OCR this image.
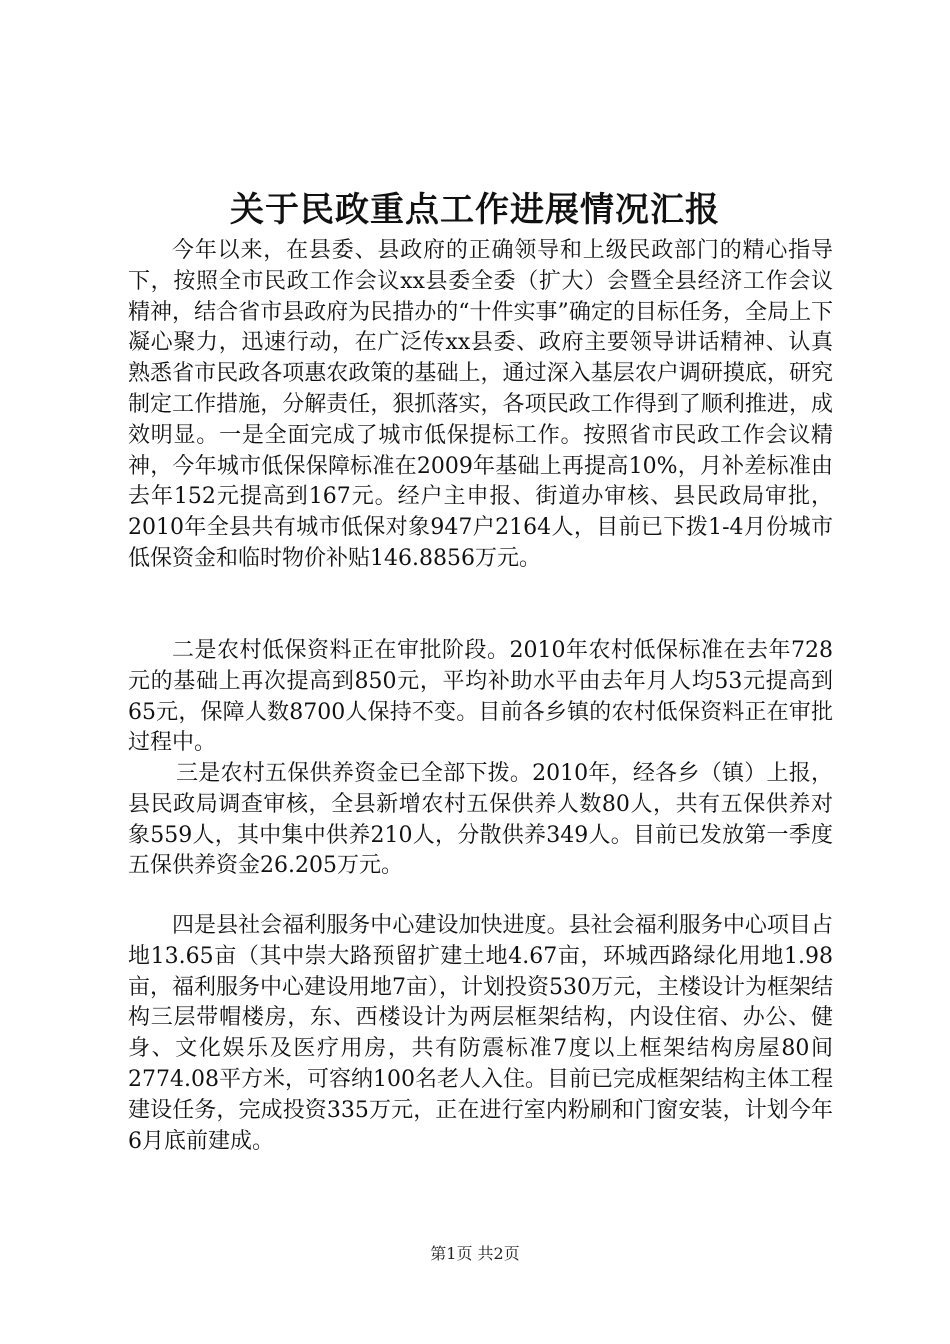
关于民政重点工作进展情况汇报

今年以来，在县委、县政府的正确领导和上级民政部门的精心指导下，按照全市民政工作会议xx县委全委（扩大）会暨全县经济工作会议精神，结合省市县政府为民措办的“十件实事”确定的目标任务，全局上下凝心聚力，迅速行动，在广泛传xx县委、政府主要领导讲话精神、认真熟悉省市民政各项惠农政策的基础上，通过深入基层农户调研摸底，研究制定工作措施，分解责任，狠抓落实，各项民政工作得到了顺利推进，成效明显。一是全面完成了城市低保提标工作。按照省市民政工作会议精神，今年城市低保保障标准在2009年基础上再提高10%，月补差标准由去年152元提高到167元。经户主申报、街道办审核、县民政局审批，2010年全县共有城市低保对象947户2164人，目前已下拨1-4月份城市低保资金和临时物价补贴146.8856万元。

二是农村低保资料正在审批阶段。2010年农村低保标准在去年728元的基础上再次提高到850元，平均补助水平由去年月人均53元提高到65元，保障人数8700人保持不变。目前各乡镇的农村低保资料正在审批过程中。

三是农村五保供养资金已全部下拨。2010年，经各乡（镇）上报，县民政局调查审核，全县新增农村五保供养人数80人，共有五保供养对象559人，其中集中供养210人，分散供养349人。目前已发放第一季度五保供养资金26.205万元。

四是县社会福利服务中心建设加快进度。县社会福利服务中心项目占地13.65亩（其中崇大路预留扩建土地4.67亩，环城西路绿化用地1.98亩，福利服务中心建设用地7亩），计划投资530万元，主楼设计为框架结构三层带帽楼房，东、西楼设计为两层框架结构，内设住宿、办公、健身、文化娱乐及医疗用房，共有防震标准7度以上框架结构房屋80间2774.08平方米，可容纳100名老人入住。目前已完成框架结构主体工程建设任务，完成投资335万元，正在进行室内粉刷和门窗安装，计划今年6月底前建成。

第1页 共2页
